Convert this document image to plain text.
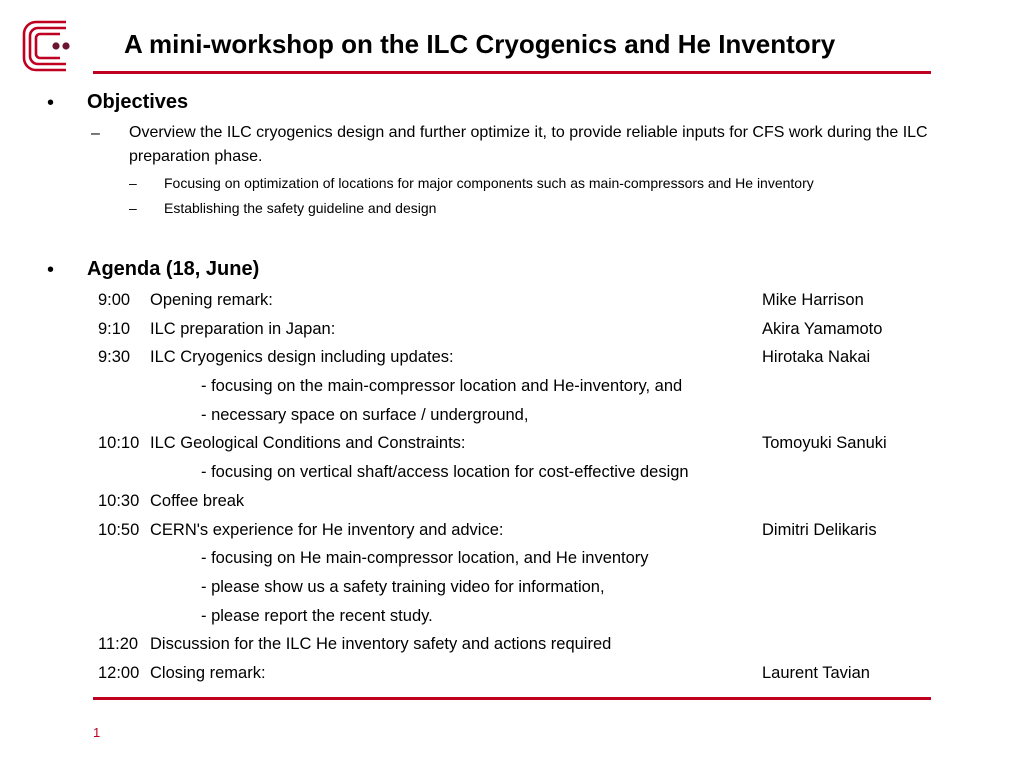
A mini-workshop on the ILC Cryogenics and He Inventory
• Objectives
– Overview the ILC cryogenics design and further optimize it, to provide reliable inputs for CFS work during the ILC preparation phase.
– Focusing on optimization of locations for major components such as main-compressors and He inventory
– Establishing the safety guideline and design
• Agenda (18, June)
9:00 Opening remark:	Mike Harrison
9:10 ILC preparation in Japan:	Akira Yamamoto
9:30 ILC Cryogenics design including updates:	Hirotaka Nakai
- focusing on the main-compressor location and He-inventory, and
- necessary space on surface / underground,
10:10 ILC Geological Conditions and Constraints:	Tomoyuki Sanuki
- focusing on vertical shaft/access location for cost-effective design
10:30 Coffee break
10:50 CERN's experience for He inventory and advice:	Dimitri Delikaris
- focusing on He main-compressor location, and He inventory
- please show us a safety training video for information,
- please report the recent study.
11:20 Discussion for the ILC He inventory safety and actions required
12:00 Closing remark:	Laurent Tavian
1
